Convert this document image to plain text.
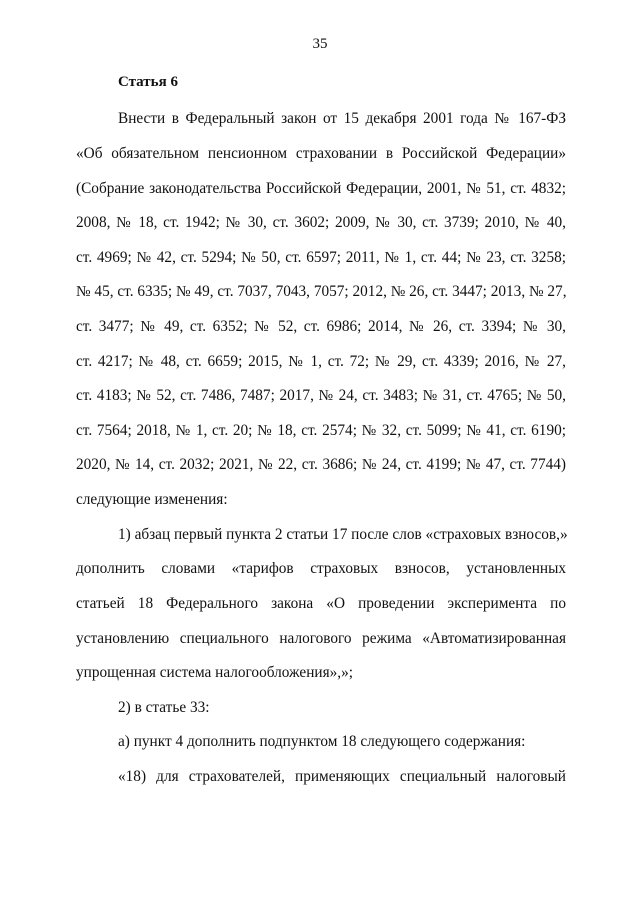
35
Статья 6
Внести в Федеральный закон от 15 декабря 2001 года № 167-ФЗ
«Об обязательном пенсионном страховании в Российской Федерации»
(Собрание законодательства Российской Федерации, 2001, № 51, ст. 4832;
2008, № 18, ст. 1942; № 30, ст. 3602; 2009, № 30, ст. 3739; 2010, № 40,
ст. 4969; № 42, ст. 5294; № 50, ст. 6597; 2011, № 1, ст. 44; № 23, ст. 3258;
№ 45, ст. 6335; № 49, ст. 7037, 7043, 7057; 2012, № 26, ст. 3447; 2013, № 27,
ст. 3477; № 49, ст. 6352; № 52, ст. 6986; 2014, № 26, ст. 3394; № 30,
ст. 4217; № 48, ст. 6659; 2015, № 1, ст. 72; № 29, ст. 4339; 2016, № 27,
ст. 4183; № 52, ст. 7486, 7487; 2017, № 24, ст. 3483; № 31, ст. 4765; № 50,
ст. 7564; 2018, № 1, ст. 20; № 18, ст. 2574; № 32, ст. 5099; № 41, ст. 6190;
2020, № 14, ст. 2032; 2021, № 22, ст. 3686; № 24, ст. 4199; № 47, ст. 7744)
следующие изменения:
1) абзац первый пункта 2 статьи 17 после слов «страховых взносов,»
дополнить словами «тарифов страховых взносов, установленных
статьей 18 Федерального закона «О проведении эксперимента по
установлению специального налогового режима «Автоматизированная
упрощенная система налогообложения»,»;
2) в статье 33:
а) пункт 4 дополнить подпунктом 18 следующего содержания:
«18) для страхователей, применяющих специальный налоговый
